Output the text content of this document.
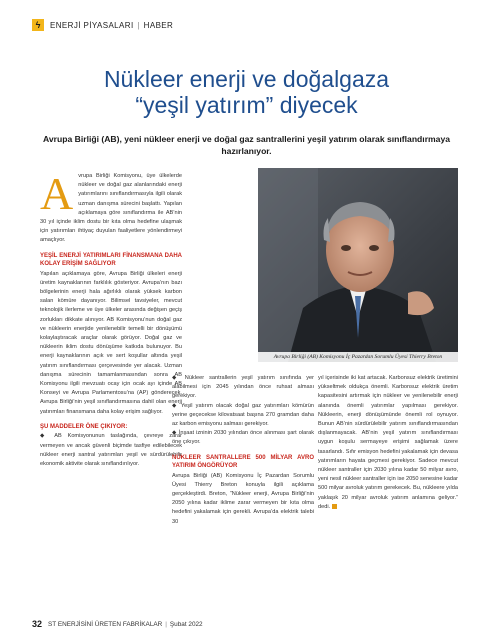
ϟ ENERJİ PİYASALARI | HABER
Nükleer enerji ve doğalgaza
“yeşil yatırım” diyecek
Avrupa Birliği (AB), yeni nükleer enerji ve doğal gaz santrallerini yeşil yatırım olarak sınıflandırmaya hazırlanıyor.

Avrupa Birliği Komisyonu, üye ülkelerde nükleer ve doğal gaz alanlarındaki enerji yatırımlarını sınıflandırmasıyla ilgili olarak uzman danışma sürecini başlattı. Yapılan açıklamaya göre sınıflandırma ile AB’nin 30 yıl içinde iklim dostu bir kıta olma hedefine ulaşmak için yatırımları ihtiyaç duyulan faaliyetlere yönlendirmeyi amaçlıyor.

YEŞİL ENERJİ YATIRIMLARI FİNANSMANA DAHA KOLAY ERİŞİM SAĞLIYOR

Yapılan açıklamaya göre, Avrupa Birliği ülkeleri enerji üretim kaynaklarının farklılık gösteriyor. Avrupa’nın bazı bölgelerinin enerji hala ağırlıklı olarak yüksek karbon salan kömüre dayanıyor. Bilimsel tavsiyeler, mevcut teknolojik ilerleme ve üye ülkeler arasında değişen geçiş zorlukları dikkate alınıyor. AB Komisyonu’nun doğal gaz ve nükleerin enerjide yenilenebilir temelli bir dönüşümü kolaylaştıracak araçlar olarak görüyor. Doğal gaz ve nükleerin iklim dostu dönüşüme katkıda bulunuyor. Bu enerji kaynaklarının açık ve sert koşullar altında yeşil yatırım sınıflandırması çerçevesinde yer alacak. Uzman danışma sürecinin tamamlanmasından sonra AB Komisyonu ilgili mevzuatı ocay için ocak ayı içinde AB Konseyi ve Avrupa Parlamentosu’na (AP) gönderecek. Avrupa Birliği’nin yeşil sınıflandırmasına dahil olan enerji yatırımları finansmana daha kolay erişim sağlıyor.

ŞU MADDELER ÖNE ÇIKIYOR:

◆ AB Komisyonunun taslağında, çevreye zarar vermeyen ve ancak güvenli biçimde tasfiye edilebilecek nükleer enerji santral yatırımları yeşil ve sürdürülebilir ekonomik aktivite olarak sınıflandırılıyor.

Avrupa Birliği (AB) Komisyonu İç Pazardan Sorumlu Üyesi Thierry Breton

◆ Nükleer santrallerin yeşil yatırım sınıfında yer alabilmesi için 2045 yılından önce ruhsat alması gerekiyor.

◆ Yeşil yatırım olacak doğal gaz yatırımları kömürün yerine geçecekse kilovatsaat başına 270 gramdan daha az karbon emisyonu salması gerekiyor.

◆ İnşaat izninin 2030 yılından önce alınması şart olarak öne çıkıyor.

NÜKLEER SANTRALLERE 500 MİLYAR AVRO YATIRIM ÖNGÖRÜYOR

Avrupa Birliği (AB) Komisyonu İç Pazardan Sorumlu Üyesi Thierry Breton konuyla ilgili açıklama gerçekleştirdi. Breton, “Nükleer enerji, Avrupa Birliği’nin 2050 yılına kadar iklime zarar vermeyen bir kıta olma hedefini yakalamak için gerekli. Avrupa’da elektrik talebi 30

yıl içerisinde iki kat artacak. Karbonsuz elektrik üretimini yükseltmek oldukça önemli. Karbonsuz elektrik üretim kapasitesini artırmak için nükleer ve yenilenebilir enerji alanında önemli yatırımlar yapılması gerekiyor. Nükleerin, enerji dönüşümünde önemli rol oynuyor. Bunun AB’nin sürdürülebilir yatırım sınıflandırmasından dışlanmayacak. AB’nin yeşil yatırım sınıflandırması uygun koşulu sermayeye erişimi sağlamak üzere tasarlandı. Sıfır emisyon hedefini yakalamak için devasa yatırımların hayata geçmesi gerekiyor. Sadece mevcut nükleer santraller için 2030 yılına kadar 50 milyar avro, yeni nesil nükleer santraller için ise 2050 senesine kadar 500 milyar avroluk yatırım gerekecek. Bu, nükleere yılda yaklaşık 20 milyar avroluk yatırım anlamına geliyor.” dedi.

32 ST ENERJİSİNİ ÜRETEN FABRİKALAR | Şubat 2022
